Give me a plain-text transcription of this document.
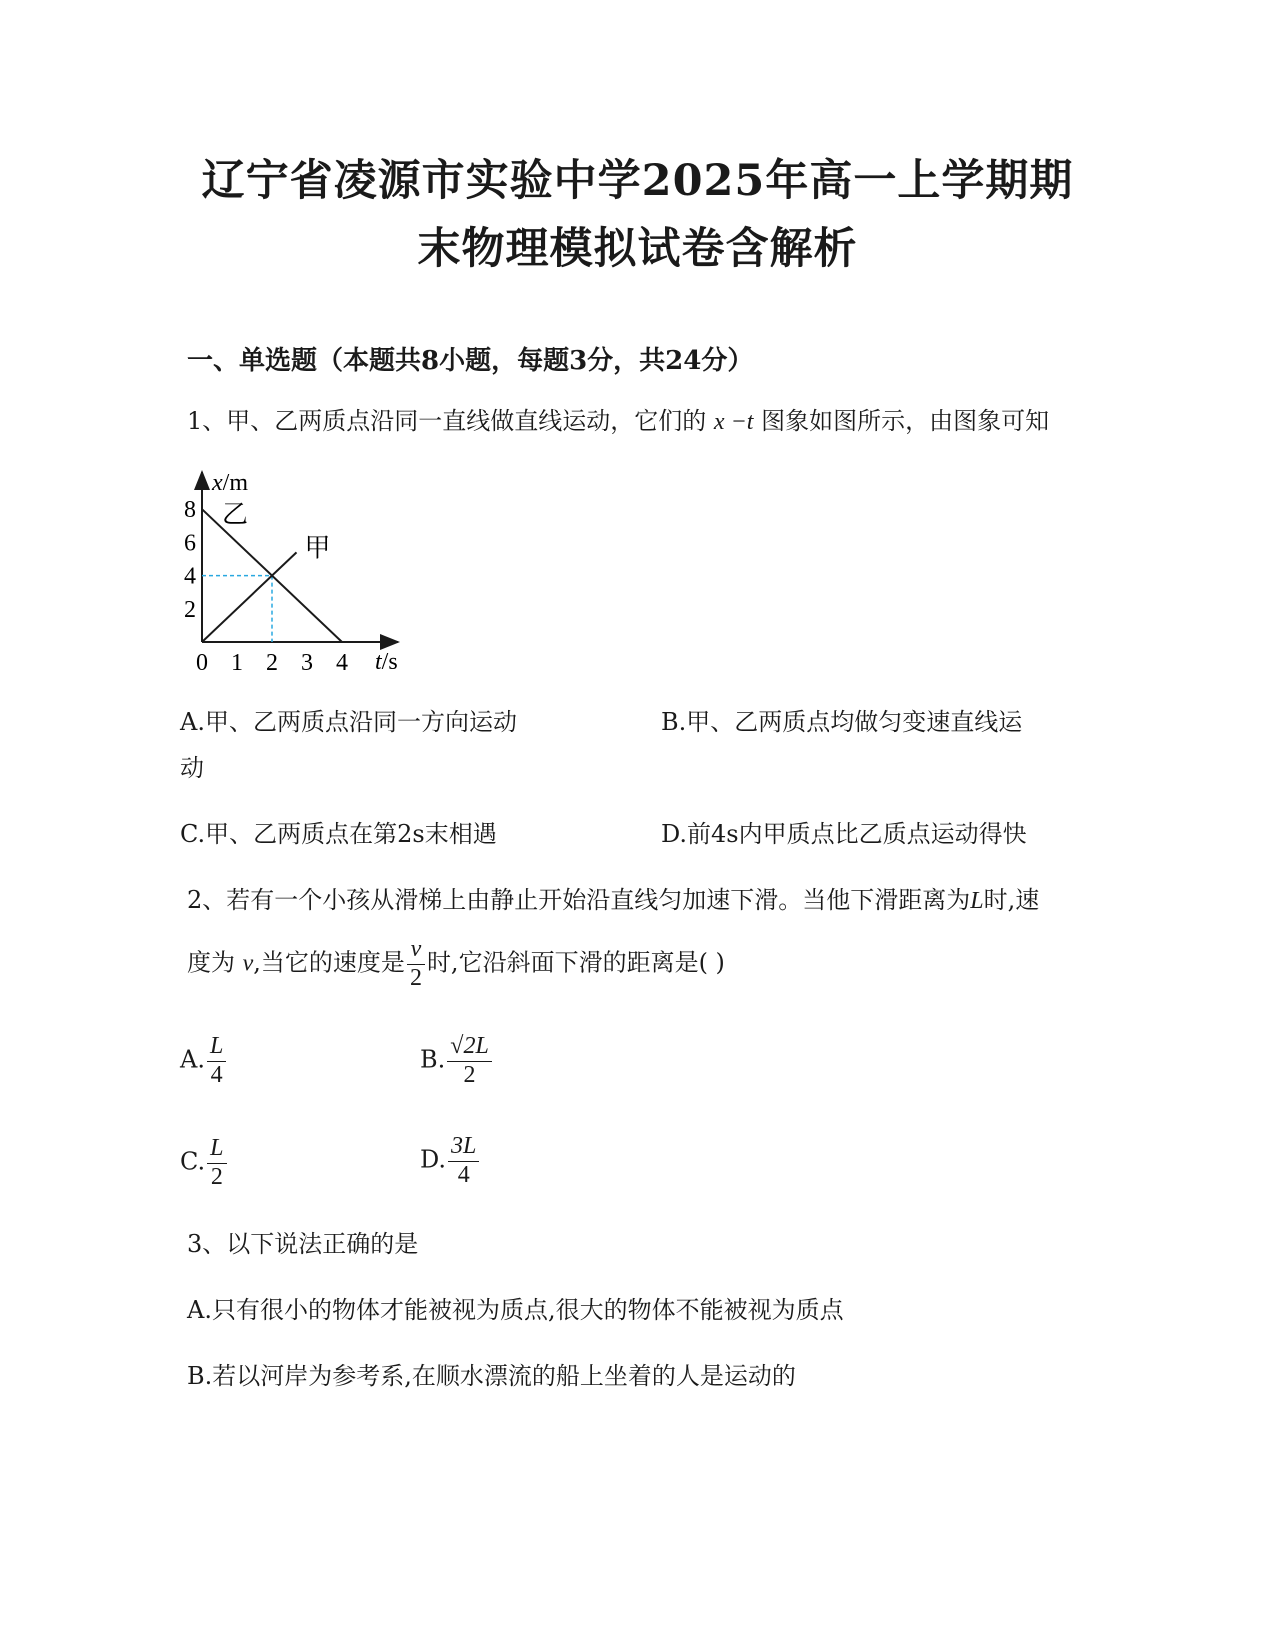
辽宁省凌源市实验中学2025年高一上学期期
末物理模拟试卷含解析
一、单选题（本题共8小题，每题3分，共24分）
1、甲、乙两质点沿同一直线做直线运动，它们的 x −t 图象如图所示，由图象可知
x/m
t/s
0 1 2 3 4
2
4
6
8 乙
甲
A.甲、乙两质点沿同一方向运动	B.甲、乙两质点均做匀变速直线运
动
C.甲、乙两质点在第2s末相遇	D.前4s内甲质点比乙质点运动得快
2、若有一个小孩从滑梯上由静止开始沿直线匀加速下滑。当他下滑距离为L时,速
度为 v,当它的速度是 $\frac{v}{2}$ 时,它沿斜面下滑的距离是( )
A. $\frac{L}{4}$	B. $\frac{√2L}{2}$
C. $\frac{L}{2}$	D. $\frac{3L}{4}$
3、以下说法正确的是
A.只有很小的物体才能被视为质点,很大的物体不能被视为质点
B.若以河岸为参考系,在顺水漂流的船上坐着的人是运动的
